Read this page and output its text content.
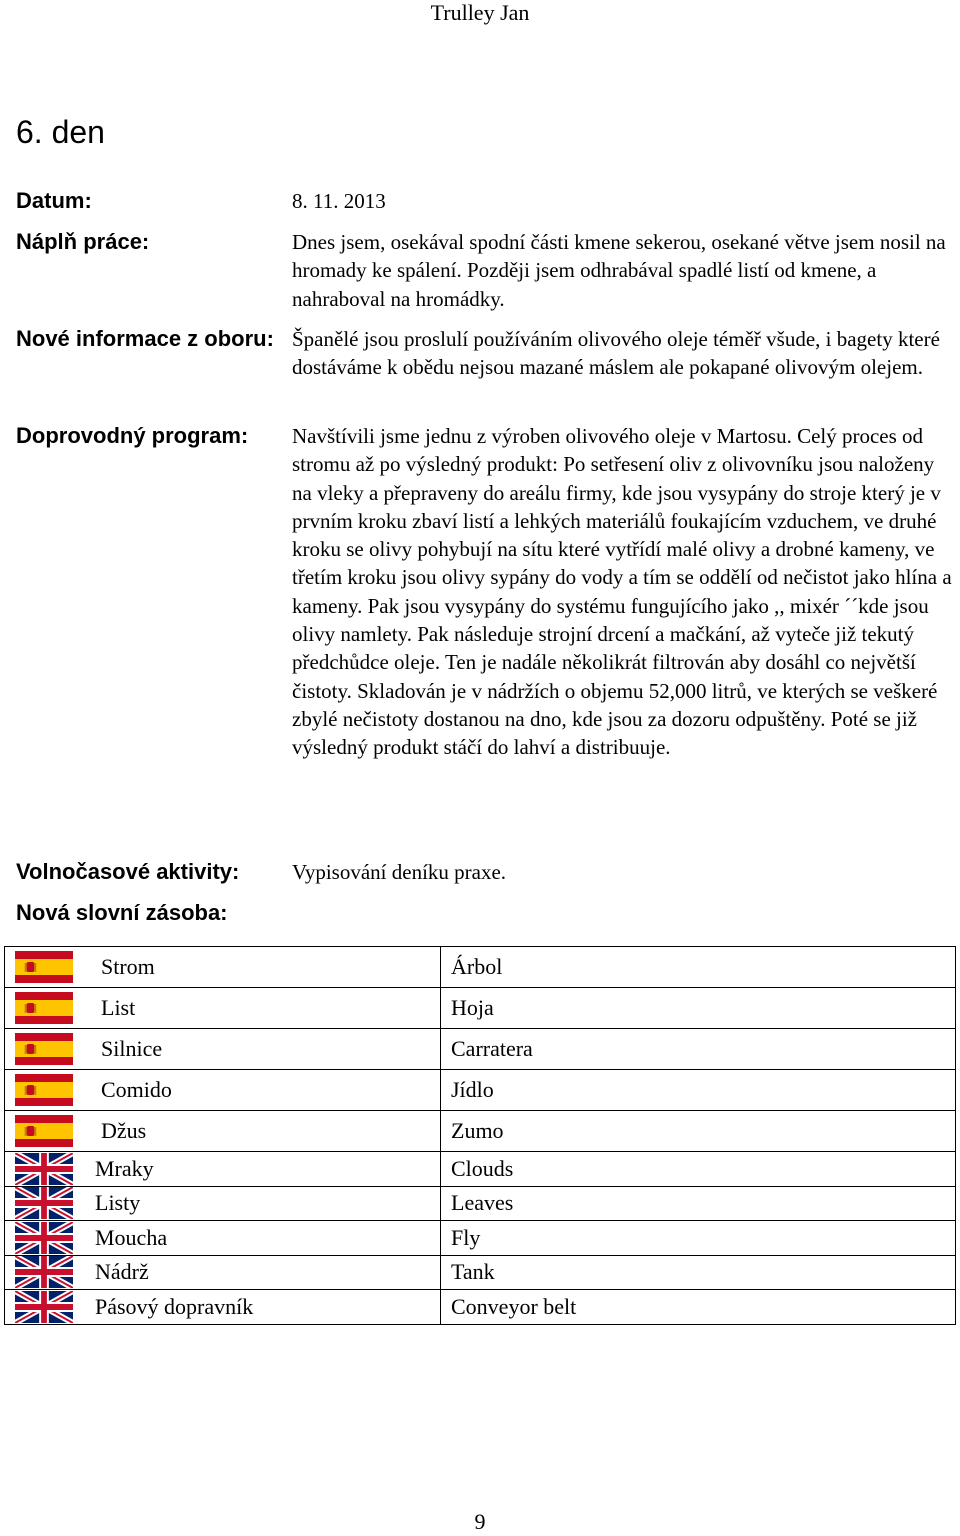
Trulley Jan
6. den
Datum:	8. 11. 2013
Náplň práce:	Dnes jsem, osekával spodní části kmene sekerou, osekané větve jsem nosil na hromady ke spálení. Později jsem odhrabával spadlé listí od kmene, a nahraboval na hromádky.
Nové informace z oboru: Španělé jsou proslulí používáním olivového oleje téměř všude, i bagety které dostáváme k obědu nejsou mazané máslem ale pokapané olivovým olejem.
Doprovodný program: Navštívili jsme jednu z výroben olivového oleje v Martosu. Celý proces od stromu až po výsledný produkt: Po setřesení oliv z olivovníku jsou naloženy na vleky a přepraveny do areálu firmy, kde jsou vysypány do stroje který je v prvním kroku zbaví listí a lehkých materiálů foukajícím vzduchem, ve druhé kroku se olivy pohybují na sítu které vytřídí malé olivy a drobné kameny, ve třetím kroku jsou olivy sypány do vody a tím se oddělí od nečistot jako hlína a kameny. Pak jsou vysypány do systému fungujícího jako ,, mixér ´´kde jsou olivy namlety. Pak následuje strojní drcení a mačkání, až vyteče již tekutý předchůdce oleje. Ten je nadále několikrát filtrován aby dosáhl co největší čistoty. Skladován je v nádržích o objemu 52,000 litrů, ve kterých se veškeré zbylé nečistoty dostanou na dno, kde jsou za dozoru odpuštěny. Poté se již výsledný produkt stáčí do lahví a distribuuje.
Volnočasové aktivity:	Vypisování deníku praxe.
Nová slovní zásoba:
Strom	Árbol

List	Hoja

Silnice	Carratera

Comido	Jídlo

Džus	Zumo

Mraky	Clouds

Listy	Leaves

Moucha	Fly

Nádrž	Tank

Pásový dopravník	Conveyor belt
9
